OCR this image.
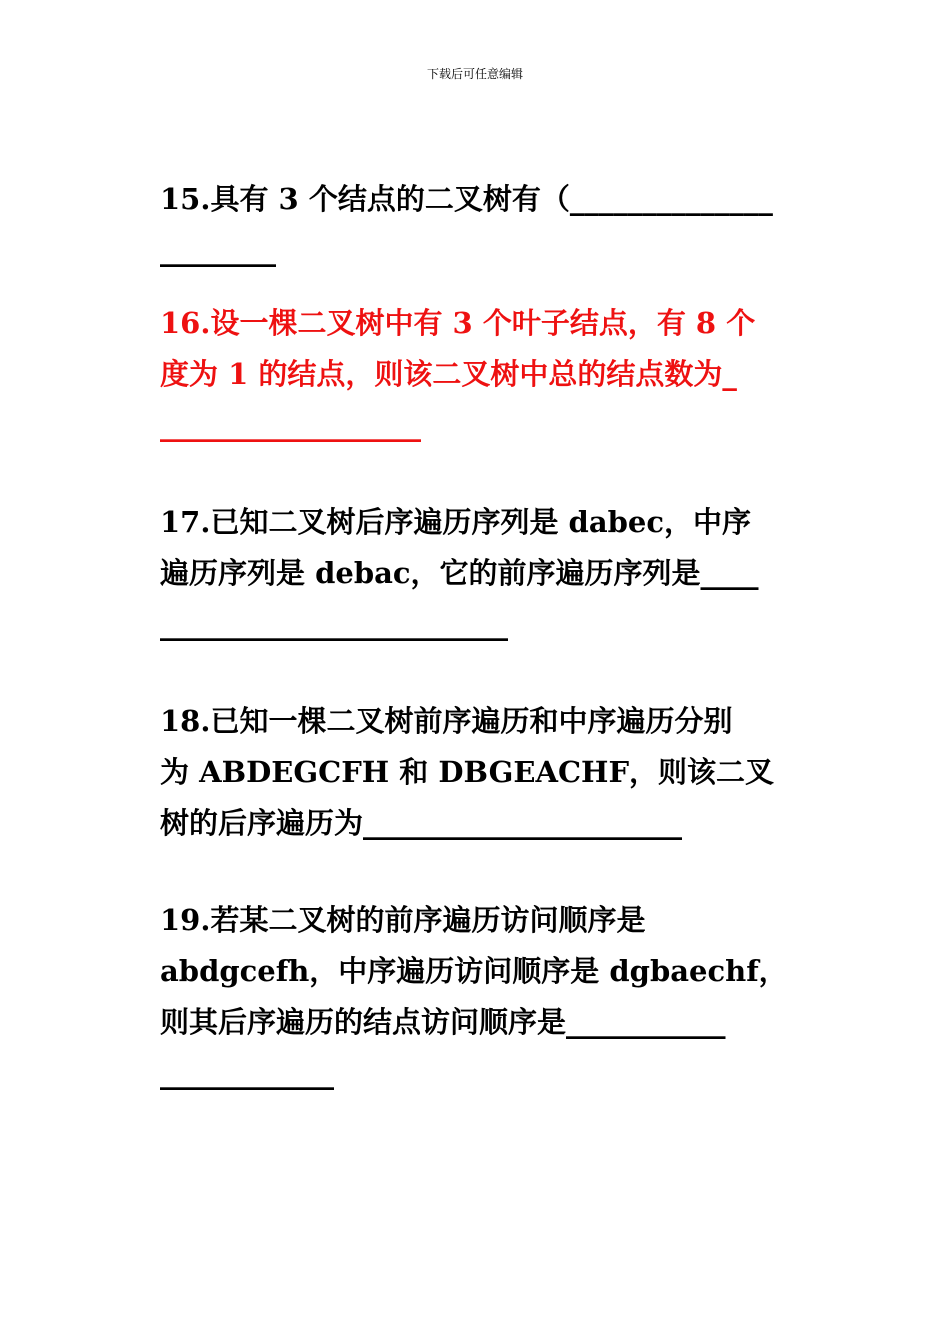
下载后可任意编辑
15.具有 3 个结点的二叉树有（______________
________
16.设一棵二叉树中有 3 个叶子结点，有 8 个
度为 1 的结点，则该二叉树中总的结点数为_
__________________
17.已知二叉树后序遍历序列是 dabec，中序
遍历序列是 debac，它的前序遍历序列是____
________________________
18.已知一棵二叉树前序遍历和中序遍历分别
为 ABDEGCFH 和 DBGEACHF，则该二叉
树的后序遍历为______________________
19.若某二叉树的前序遍历访问顺序是
abdgcefh，中序遍历访问顺序是 dgbaechf，
则其后序遍历的结点访问顺序是___________
____________
